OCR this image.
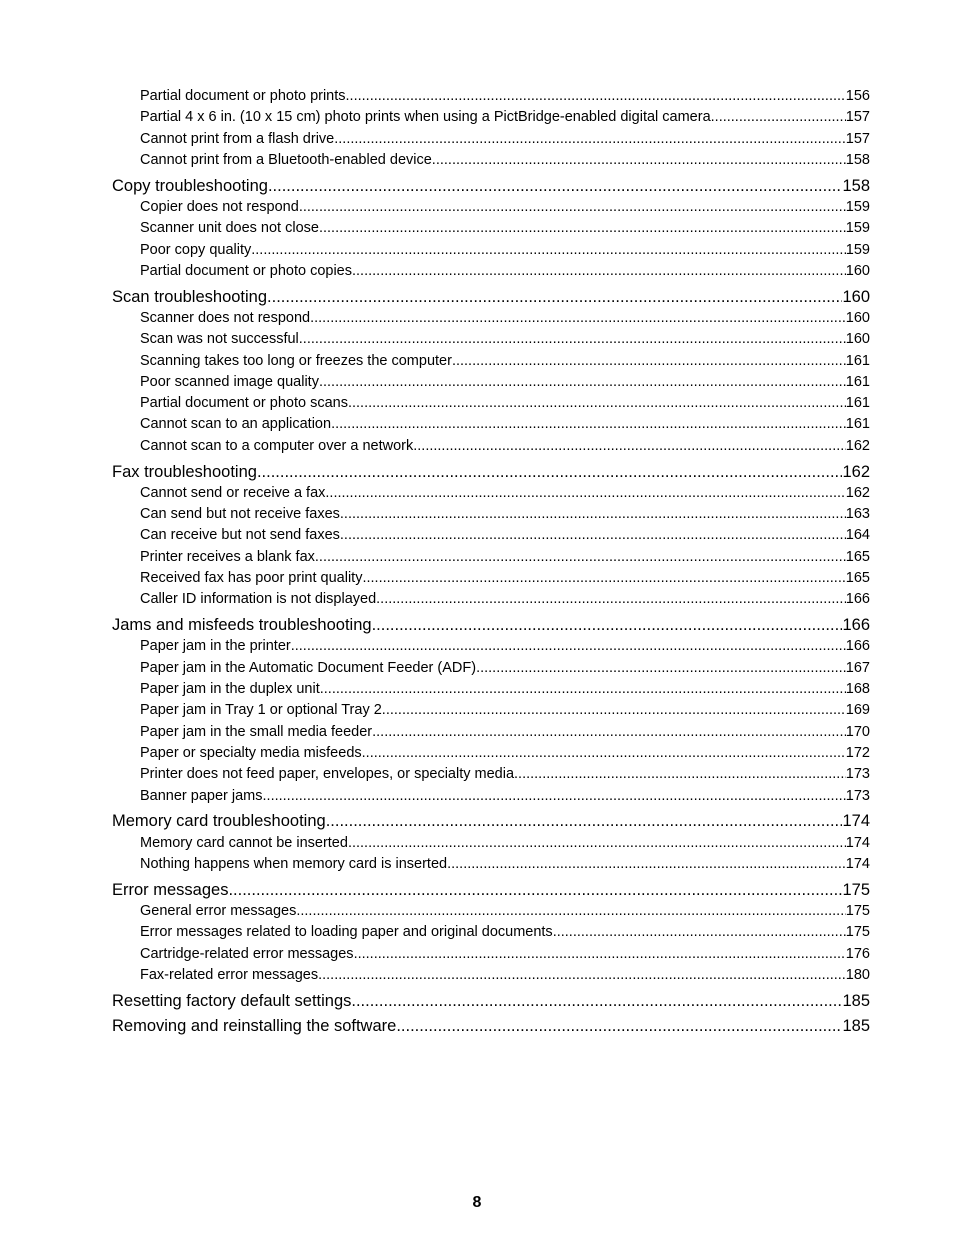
Partial document or photo prints .....	156
Partial 4 x 6 in. (10 x 15 cm) photo prints when using a PictBridge-enabled digital camera .....	157
Cannot print from a flash drive .....	157
Cannot print from a Bluetooth-enabled device .....	158
Copy troubleshooting .....	158
Copier does not respond .....	159
Scanner unit does not close .....	159
Poor copy quality .....	159
Partial document or photo copies .....	160
Scan troubleshooting .....	160
Scanner does not respond .....	160
Scan was not successful .....	160
Scanning takes too long or freezes the computer .....	161
Poor scanned image quality .....	161
Partial document or photo scans .....	161
Cannot scan to an application .....	161
Cannot scan to a computer over a network .....	162
Fax troubleshooting .....	162
Cannot send or receive a fax .....	162
Can send but not receive faxes .....	163
Can receive but not send faxes .....	164
Printer receives a blank fax .....	165
Received fax has poor print quality .....	165
Caller ID information is not displayed .....	166
Jams and misfeeds troubleshooting .....	166
Paper jam in the printer .....	166
Paper jam in the Automatic Document Feeder (ADF) .....	167
Paper jam in the duplex unit .....	168
Paper jam in Tray 1 or optional Tray 2 .....	169
Paper jam in the small media feeder .....	170
Paper or specialty media misfeeds .....	172
Printer does not feed paper, envelopes, or specialty media .....	173
Banner paper jams .....	173
Memory card troubleshooting .....	174
Memory card cannot be inserted .....	174
Nothing happens when memory card is inserted .....	174
Error messages .....	175
General error messages .....	175
Error messages related to loading paper and original documents .....	175
Cartridge-related error messages .....	176
Fax-related error messages .....	180
Resetting factory default settings .....	185
Removing and reinstalling the software .....	185
8
